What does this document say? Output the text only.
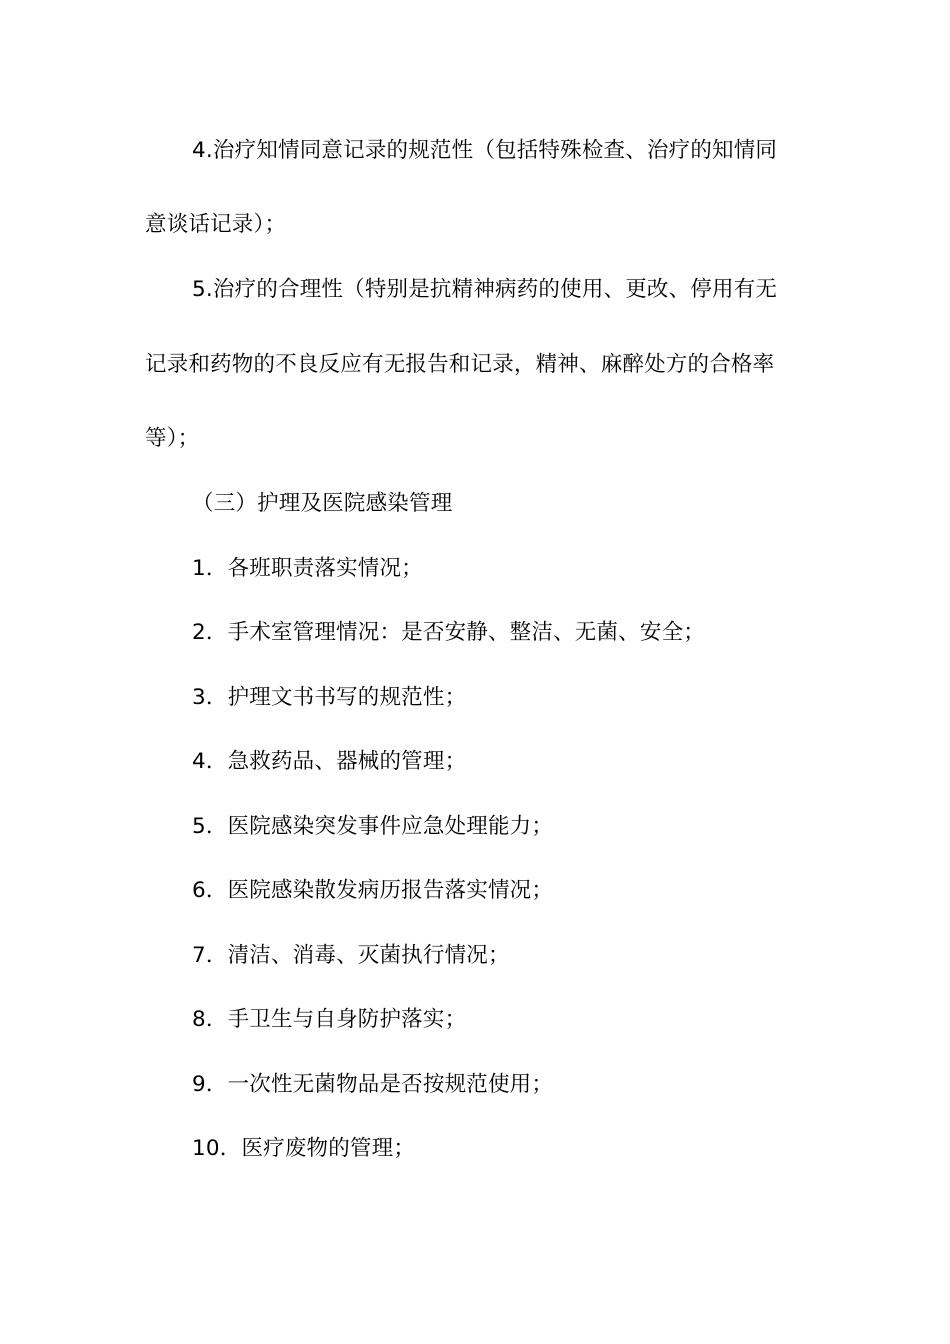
4.治疗知情同意记录的规范性（包括特殊检查、治疗的知情同
意谈话记录）；
5.治疗的合理性（特别是抗精神病药的使用、更改、停用有无
记录和药物的不良反应有无报告和记录，精神、麻醉处方的合格率
等）；
（三）护理及医院感染管理
1．各班职责落实情况；
2．手术室管理情况：是否安静、整洁、无菌、安全；
3．护理文书书写的规范性；
4．急救药品、器械的管理；
5．医院感染突发事件应急处理能力；
6．医院感染散发病历报告落实情况；
7．清洁、消毒、灭菌执行情况；
8．手卫生与自身防护落实；
9．一次性无菌物品是否按规范使用；
10．医疗废物的管理；
